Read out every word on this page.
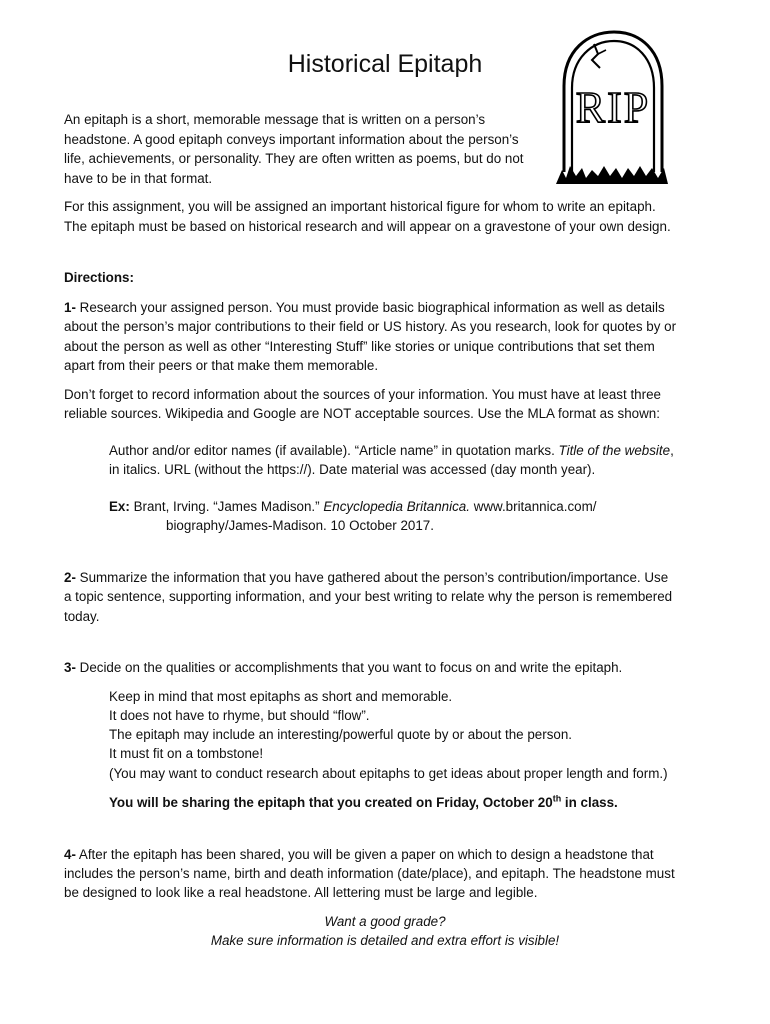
Historical Epitaph
RIP

An epitaph is a short, memorable message that is written on a person’s

headstone. A good epitaph conveys important information about the person’s

life, achievements, or personality. They are often written as poems, but do not

have to be in that format.

For this assignment, you will be assigned an important historical figure for whom to write an epitaph.

The epitaph must be based on historical research and will appear on a gravestone of your own design.

Directions:

1- Research your assigned person. You must provide basic biographical information as well as details

about the person’s major contributions to their field or US history. As you research, look for quotes by or

about the person as well as other “Interesting Stuff” like stories or unique contributions that set them

apart from their peers or that make them memorable.

Don’t forget to record information about the sources of your information. You must have at least three

reliable sources. Wikipedia and Google are NOT acceptable sources. Use the MLA format as shown:

Author and/or editor names (if available). “Article name” in quotation marks. Title of the website,

in italics. URL (without the https://). Date material was accessed (day month year).

Ex: Brant, Irving. “James Madison.” Encyclopedia Britannica. www.britannica.com/

biography/James-Madison. 10 October 2017.

2- Summarize the information that you have gathered about the person’s contribution/importance. Use

a topic sentence, supporting information, and your best writing to relate why the person is remembered

today.

3- Decide on the qualities or accomplishments that you want to focus on and write the epitaph.

Keep in mind that most epitaphs as short and memorable.

It does not have to rhyme, but should “flow”.

The epitaph may include an interesting/powerful quote by or about the person.

It must fit on a tombstone!

(You may want to conduct research about epitaphs to get ideas about proper length and form.)

You will be sharing the epitaph that you created on Friday, October 20th in class.

4- After the epitaph has been shared, you will be given a paper on which to design a headstone that

includes the person’s name, birth and death information (date/place), and epitaph. The headstone must

be designed to look like a real headstone. All lettering must be large and legible.

Want a good grade?

Make sure information is detailed and extra effort is visible!
